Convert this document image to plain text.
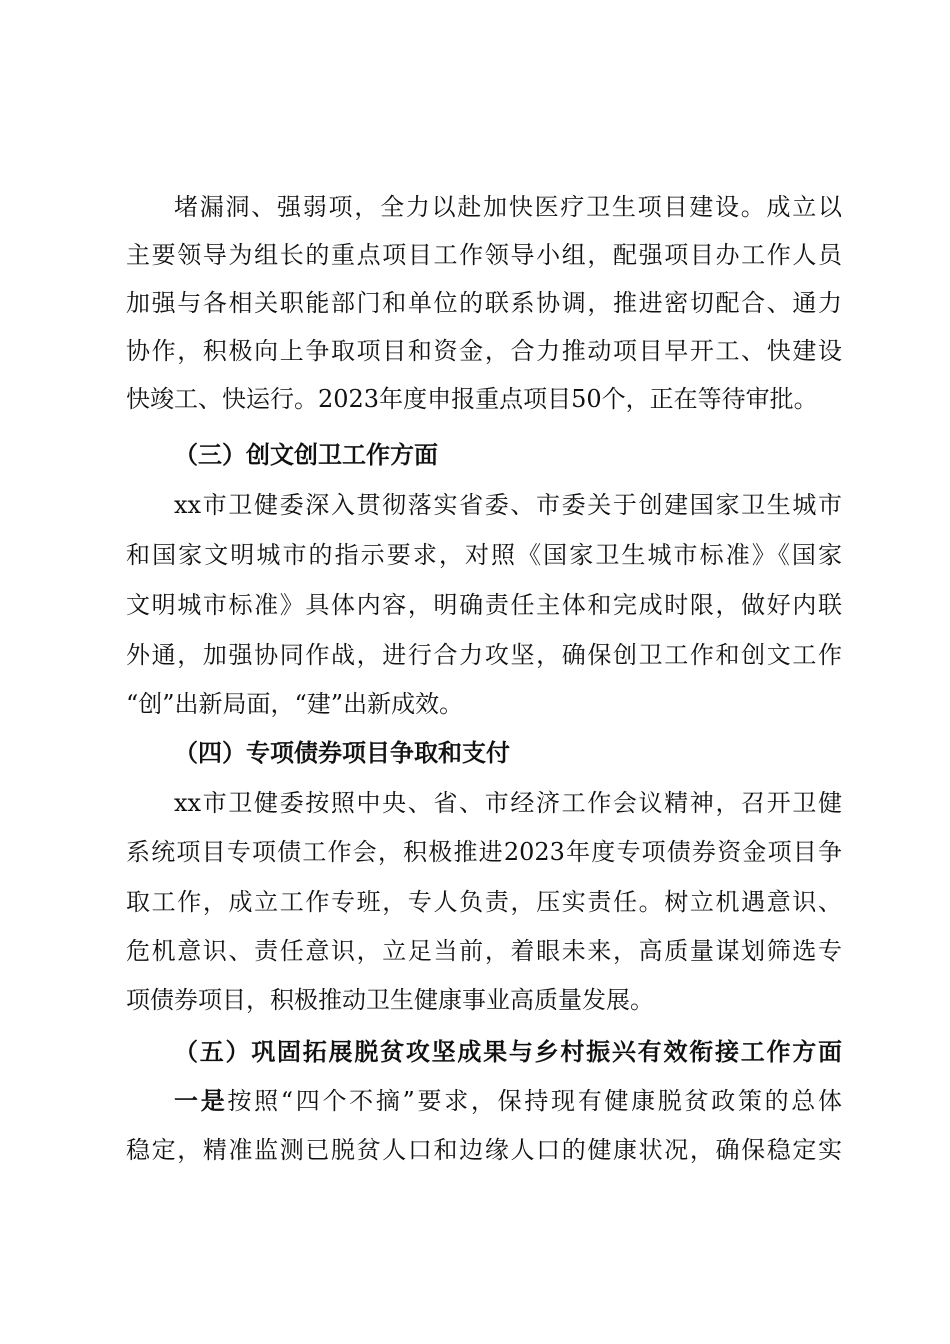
堵漏洞、强弱项，全力以赴加快医疗卫生项目建设。成立以
主要领导为组长的重点项目工作领导小组，配强项目办工作人员
加强与各相关职能部门和单位的联系协调，推进密切配合、通力
协作，积极向上争取项目和资金，合力推动项目早开工、快建设
快竣工、快运行。2023年度申报重点项目50个，正在等待审批。
（三）创文创卫工作方面
xx市卫健委深入贯彻落实省委、市委关于创建国家卫生城市
和国家文明城市的指示要求，对照《国家卫生城市标准》《国家
文明城市标准》具体内容，明确责任主体和完成时限，做好内联
外通，加强协同作战，进行合力攻坚，确保创卫工作和创文工作
“创”出新局面，“建”出新成效。
（四）专项债券项目争取和支付
xx市卫健委按照中央、省、市经济工作会议精神，召开卫健
系统项目专项债工作会，积极推进2023年度专项债券资金项目争
取工作，成立工作专班，专人负责，压实责任。树立机遇意识、
危机意识、责任意识，立足当前，着眼未来，高质量谋划筛选专
项债券项目，积极推动卫生健康事业高质量发展。
（五）巩固拓展脱贫攻坚成果与乡村振兴有效衔接工作方面
一是按照“四个不摘”要求，保持现有健康脱贫政策的总体
稳定，精准监测已脱贫人口和边缘人口的健康状况，确保稳定实
